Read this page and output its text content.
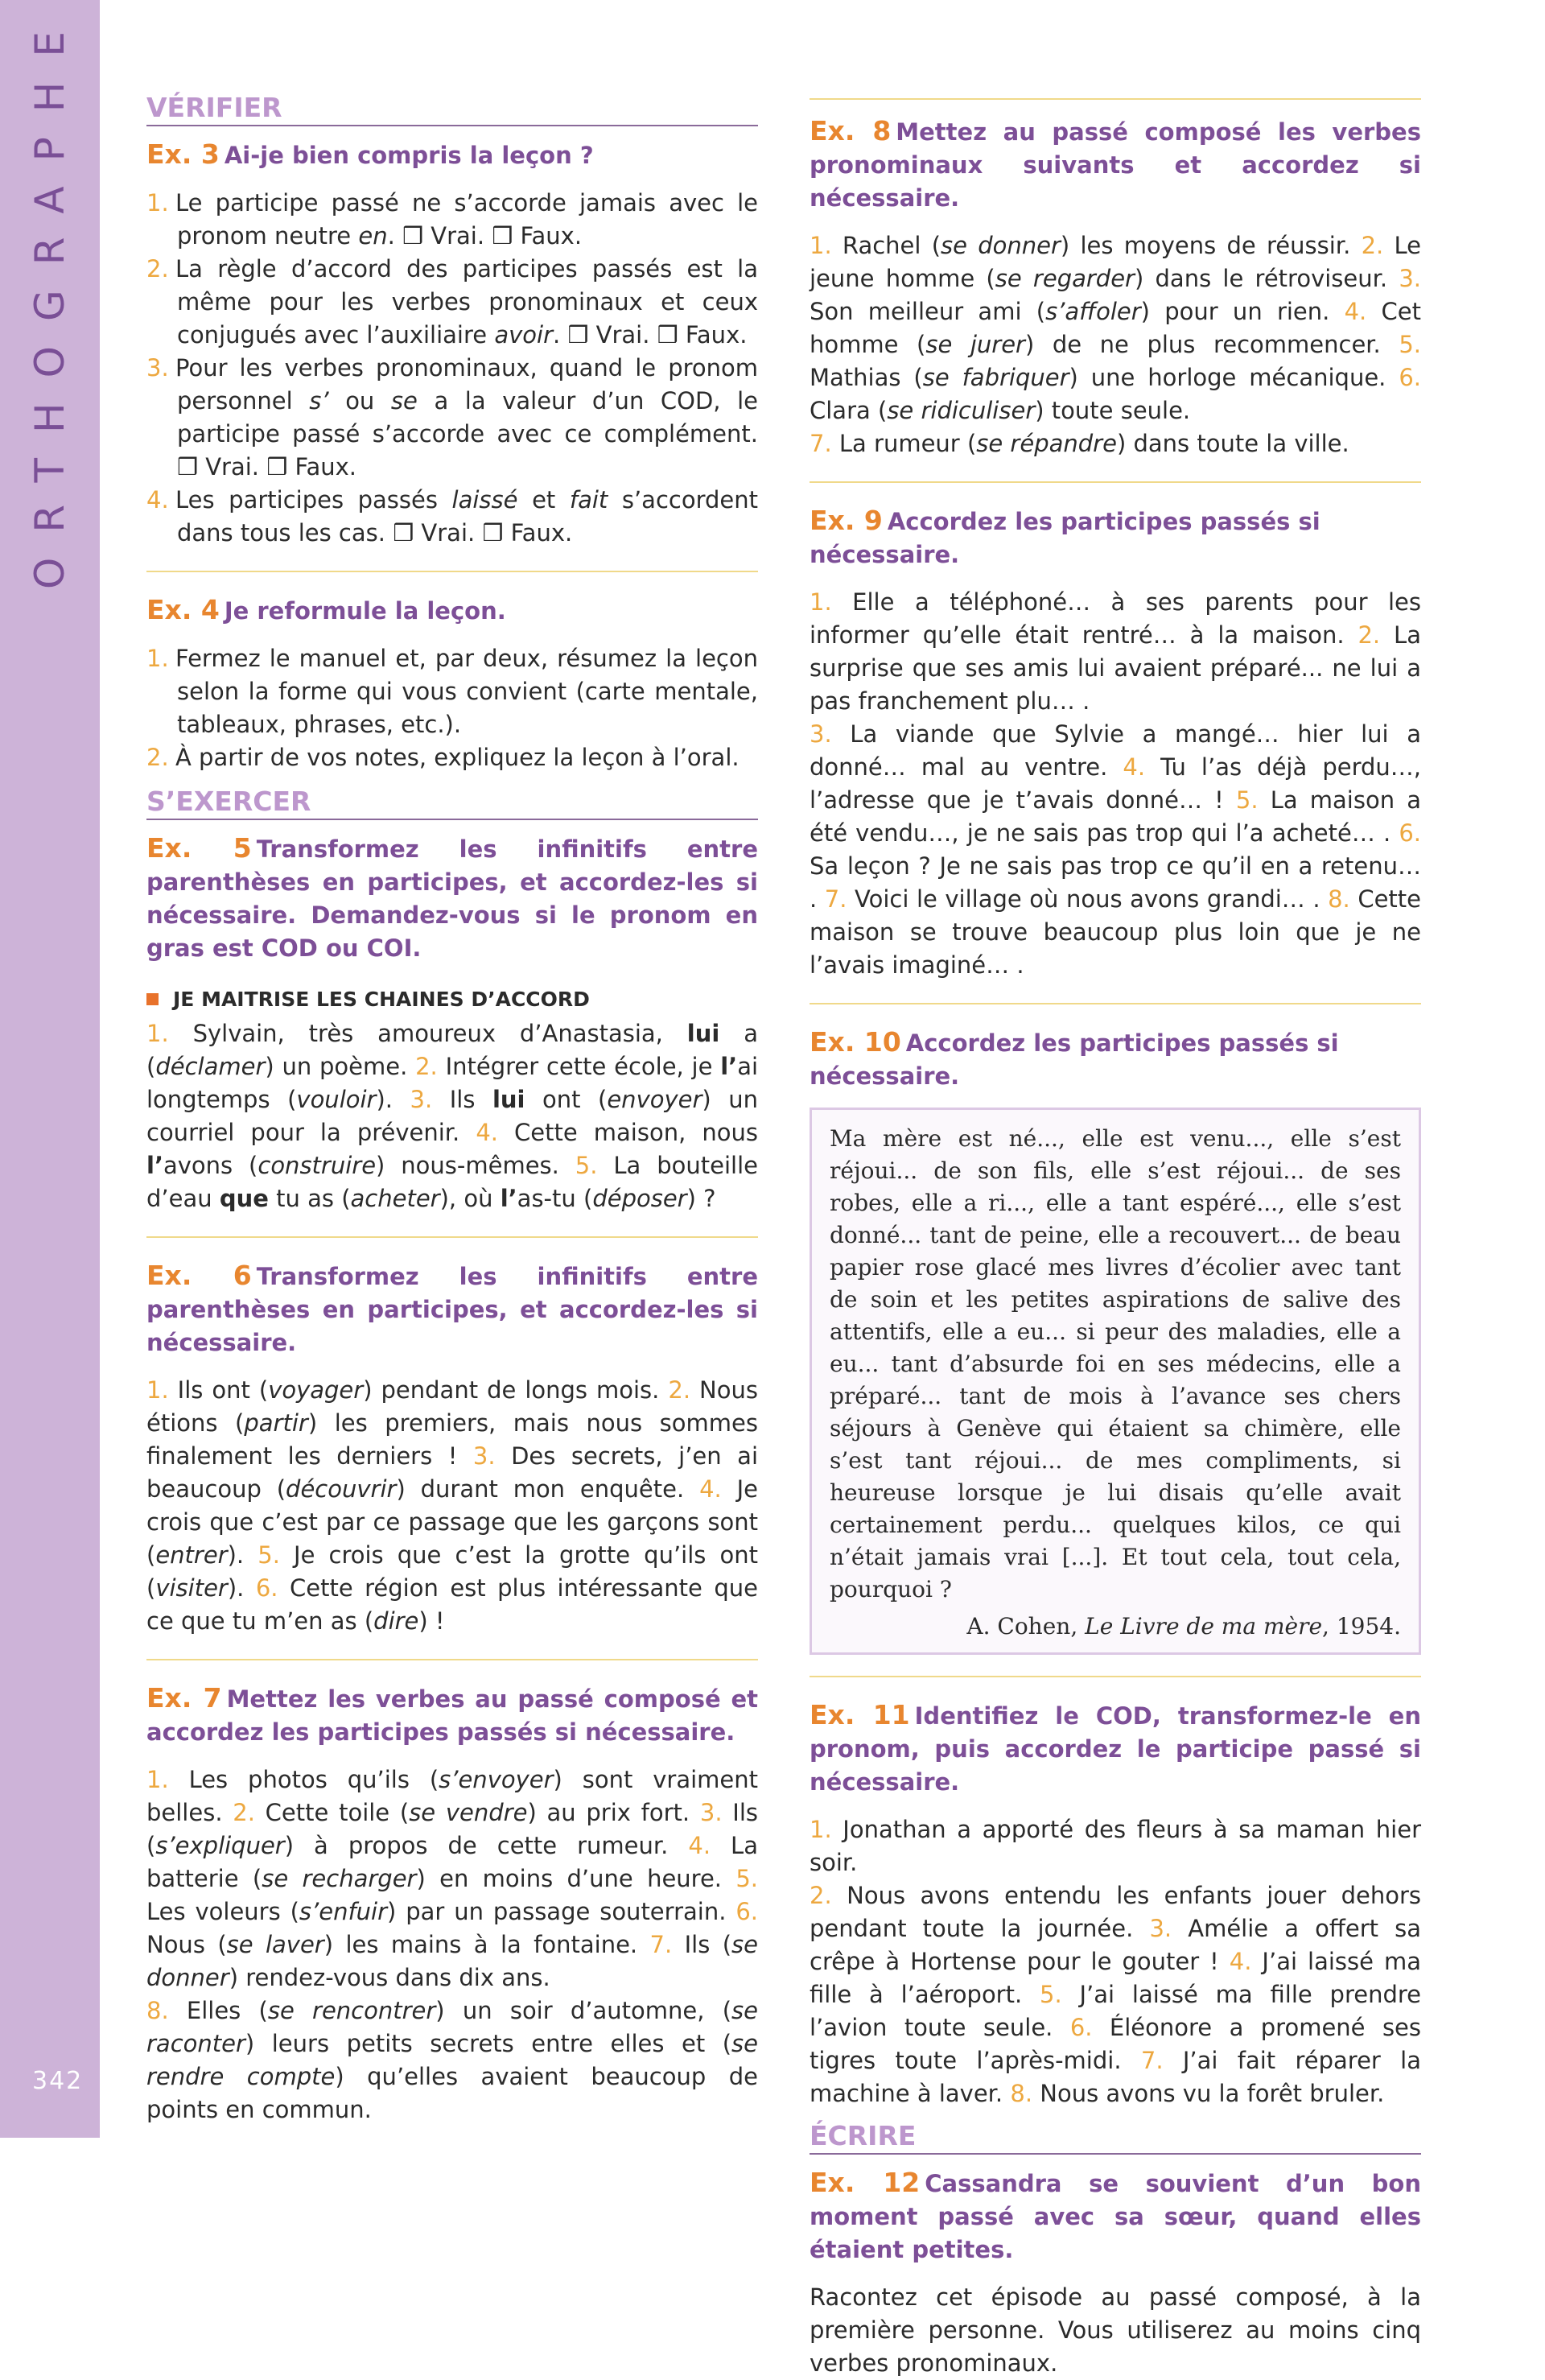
ORTHOGRAPHE
342
VÉRIFIER
Ex. 3 Ai-je bien compris la leçon ?
1. Le participe passé ne s’accorde jamais avec le pronom neutre en. ❒ Vrai. ❒ Faux.
2. La règle d’accord des participes passés est la même pour les verbes pronominaux et ceux conjugués avec l’auxiliaire avoir. ❒ Vrai. ❒ Faux.
3. Pour les verbes pronominaux, quand le pronom personnel s’ ou se a la valeur d’un COD, le participe passé s’accorde avec ce complément. ❒ Vrai. ❒ Faux.
4. Les participes passés laissé et fait s’accordent dans tous les cas. ❒ Vrai. ❒ Faux.
Ex. 4 Je reformule la leçon.
1. Fermez le manuel et, par deux, résumez la leçon selon la forme qui vous convient (carte mentale, tableaux, phrases, etc.).
2. À partir de vos notes, expliquez la leçon à l’oral.
S’EXERCER
Ex. 5 Transformez les infinitifs entre parenthèses en participes, et accordez-les si nécessaire. Demandez-vous si le pronom en gras est COD ou COI.
JE MAITRISE LES CHAINES D’ACCORD
1. Sylvain, très amoureux d’Anastasia, lui a (déclamer) un poème. 2. Intégrer cette école, je l’ai longtemps (vouloir). 3. Ils lui ont (envoyer) un courriel pour la prévenir. 4. Cette maison, nous l’avons (construire) nous-mêmes. 5. La bouteille d’eau que tu as (acheter), où l’as-tu (déposer) ?
Ex. 6 Transformez les infinitifs entre parenthèses en participes, et accordez-les si nécessaire.
1. Ils ont (voyager) pendant de longs mois. 2. Nous étions (partir) les premiers, mais nous sommes finalement les derniers ! 3. Des secrets, j’en ai beaucoup (découvrir) durant mon enquête. 4. Je crois que c’est par ce passage que les garçons sont (entrer). 5. Je crois que c’est la grotte qu’ils ont (visiter). 6. Cette région est plus intéressante que ce que tu m’en as (dire) !
Ex. 7 Mettez les verbes au passé composé et accordez les participes passés si nécessaire.
1. Les photos qu’ils (s’envoyer) sont vraiment belles. 2. Cette toile (se vendre) au prix fort. 3. Ils (s’expliquer) à propos de cette rumeur. 4. La batterie (se recharger) en moins d’une heure. 5. Les voleurs (s’enfuir) par un passage souterrain. 6. Nous (se laver) les mains à la fontaine. 7. Ils (se donner) rendez-vous dans dix ans.
8. Elles (se rencontrer) un soir d’automne, (se raconter) leurs petits secrets entre elles et (se rendre compte) qu’elles avaient beaucoup de points en commun.
Ex. 8 Mettez au passé composé les verbes pronominaux suivants et accordez si nécessaire.
1. Rachel (se donner) les moyens de réussir. 2. Le jeune homme (se regarder) dans le rétroviseur. 3. Son meilleur ami (s’affoler) pour un rien. 4. Cet homme (se jurer) de ne plus recommencer. 5. Mathias (se fabriquer) une horloge mécanique. 6. Clara (se ridiculiser) toute seule.
7. La rumeur (se répandre) dans toute la ville.
Ex. 9 Accordez les participes passés si nécessaire.
1. Elle a téléphoné… à ses parents pour les informer qu’elle était rentré… à la maison. 2. La surprise que ses amis lui avaient préparé... ne lui a pas franchement plu… .
3. La viande que Sylvie a mangé… hier lui a donné… mal au ventre. 4. Tu l’as déjà perdu…, l’adresse que je t’avais donné… ! 5. La maison a été vendu…, je ne sais pas trop qui l’a acheté… . 6. Sa leçon ? Je ne sais pas trop ce qu’il en a retenu… . 7. Voici le village où nous avons grandi… . 8. Cette maison se trouve beaucoup plus loin que je ne l’avais imaginé… .
Ex. 10 Accordez les participes passés si nécessaire.
Ma mère est né..., elle est venu..., elle s’est réjoui... de son fils, elle s’est réjoui... de ses robes, elle a ri..., elle a tant espéré..., elle s’est donné... tant de peine, elle a recouvert... de beau papier rose glacé mes livres d’écolier avec tant de soin et les petites aspirations de salive des attentifs, elle a eu... si peur des maladies, elle a eu... tant d’absurde foi en ses médecins, elle a préparé... tant de mois à l’avance ses chers séjours à Genève qui étaient sa chimère, elle s’est tant réjoui... de mes compliments, si heureuse lorsque je lui disais qu’elle avait certainement perdu... quelques kilos, ce qui n’était jamais vrai [...]. Et tout cela, tout cela, pourquoi ?
A. Cohen, Le Livre de ma mère, 1954.
Ex. 11 Identifiez le COD, transformez-le en pronom, puis accordez le participe passé si nécessaire.
1. Jonathan a apporté des fleurs à sa maman hier soir.
2. Nous avons entendu les enfants jouer dehors pendant toute la journée. 3. Amélie a offert sa crêpe à Hortense pour le gouter ! 4. J’ai laissé ma fille à l’aéroport. 5. J’ai laissé ma fille prendre l’avion toute seule. 6. Éléonore a promené ses tigres toute l’après-midi. 7. J’ai fait réparer la machine à laver. 8. Nous avons vu la forêt bruler.
ÉCRIRE
Ex. 12 Cassandra se souvient d’un bon moment passé avec sa sœur, quand elles étaient petites.
Racontez cet épisode au passé composé, à la première personne. Vous utiliserez au moins cinq verbes pronominaux.
